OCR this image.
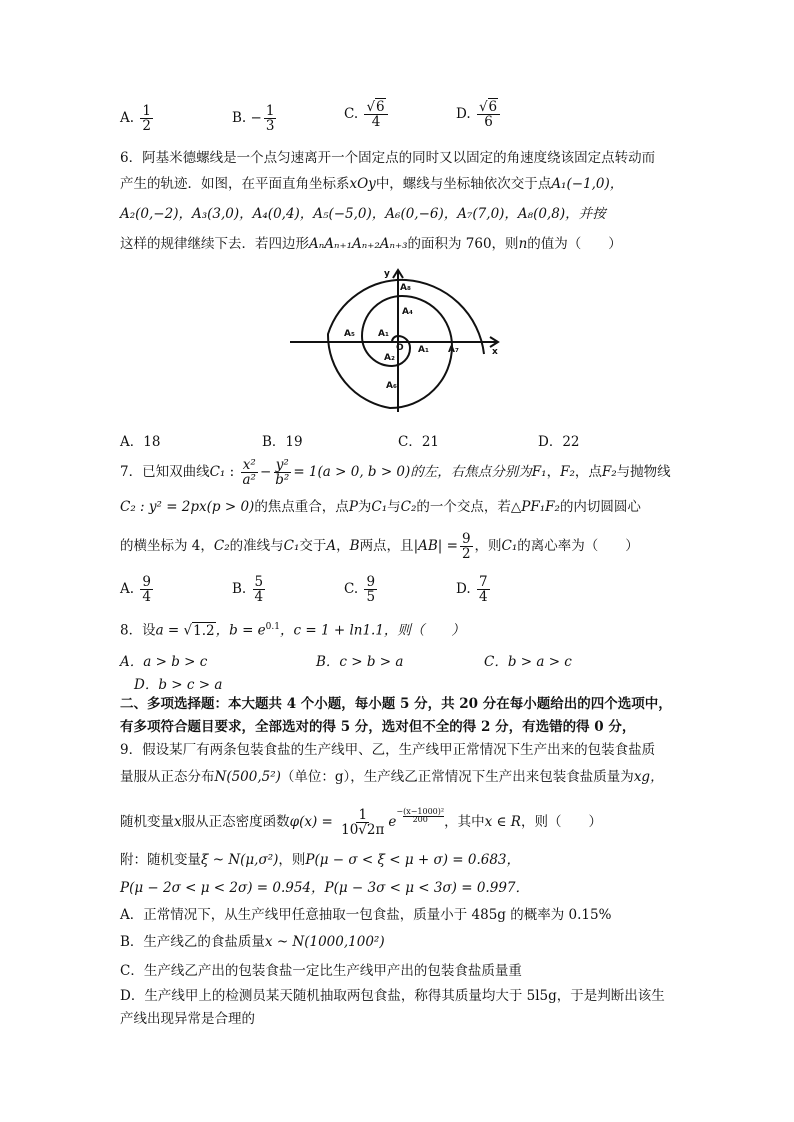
A. $\frac{1}{2}$	B. − $\frac{1}{3}$	C. $\frac{√6}{4}$	D. $\frac{√6}{6}$
6．阿基米德螺线是一个点匀速离开一个固定点的同时又以固定的角速度绕该固定点转动而
产生的轨迹．如图，在平面直角坐标系xOy中，螺线与坐标轴依次交于点A₁(−1,0)，
A₂(0,−2)，A₃(3,0)，A₄(0,4)，A₅(−5,0)，A₆(0,−6)，A₇(7,0)，A₈(0,8)，并按
这样的规律继续下去．若四边形AₙAₙ₊₁Aₙ₊₂Aₙ₊₃的面积为 760，则n的值为（　　）
y
x
A₈
A₄
A₅	A₁
O A₁ A₇
A₂
A₆
A．18	B．19	C．21	D．22
7．已知双曲线C₁ : $\frac{\text{x²}}{\text{a²}} - \frac{\text{y²}}{\text{b²}} = 1(a > 0$, b > 0)的左，右焦点分别为F₁，F₂，点F₂与抛物线
C₂ : y² = 2px(p > 0)的焦点重合，点P为C₁与C₂的一个交点，若△PF₁F₂的内切圆圆心
的横坐标为 4，C₂的准线与C₁交于A，B两点，且$|AB| = \frac{9}{2}$ ，则C₁的离心率为（　　）
A. $\frac{9}{4}$	B. $\frac{5}{4}$	C. $\frac{9}{5}$	D. $\frac{7}{4}$
8．设a = √1.2，$b = e^{0.1}$，c = 1 + ln1.1，则（　　）
A．a > b > c	B．c > b > a	C．b > a > c
D．b > c > a
二、多项选择题：本大题共 4 个小题，每小题 5 分，共 20 分在每小题给出的四个选项中，
有多项符合题目要求，全部选对的得 5 分，选对但不全的得 2 分，有选错的得 0 分，
9．假设某厂有两条包装食盐的生产线甲、乙，生产线甲正常情况下生产出来的包装食盐质
量服从正态分布N(500,5²)（单位：g），生产线乙正常情况下生产出来包装食盐质量为xg，
随机变量x服从正态密度函数$\varphi(x) = \frac{1}{10√2\pi}$ e
−(x−1000)²
200	，其中x ∈ R，则（　　）
附：随机变量ξ ~ N(μ,σ²)，则P(μ − σ < ξ < μ + σ) = 0.683，
P(μ − 2σ < μ < 2σ) = 0.954，P(μ − 3σ < μ < 3σ) = 0.997．
A．正常情况下，从生产线甲任意抽取一包食盐，质量小于 485g 的概率为 0.15%
B．生产线乙的食盐质量x ~ N(1000,100²)
C．生产线乙产出的包装食盐一定比生产线甲产出的包装食盐质量重
D．生产线甲上的检测员某天随机抽取两包食盐，称得其质量均大于 5l5g，于是判断出该生
产线出现异常是合理的
